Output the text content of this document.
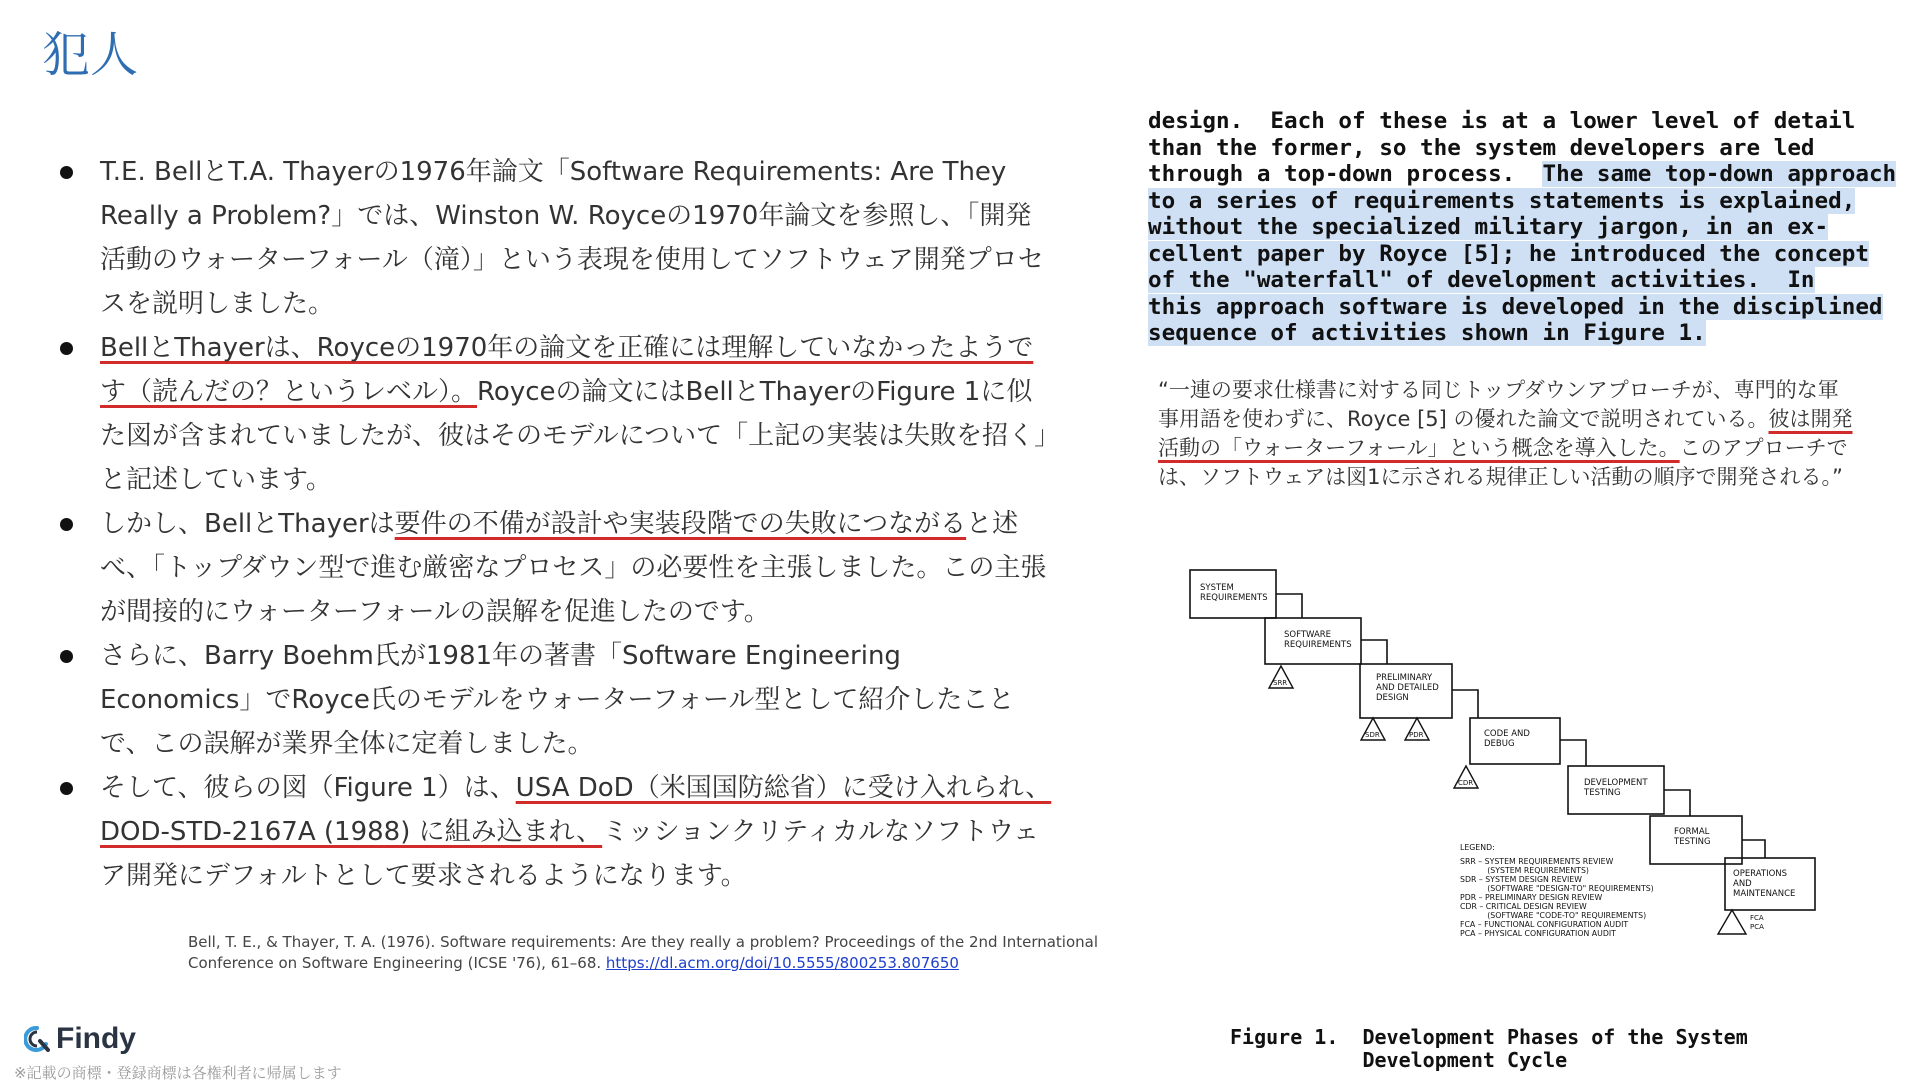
犯人
T.E. BellとT.A. Thayerの1976年論文「Software Requirements: Are They Really a Problem?」では、Winston W. Royceの1970年論文を参照し、「開発活動のウォーターフォール（滝）」という表現を使用してソフトウェア開発プロセスを説明しました。
BellとThayerは、Royceの1970年の論文を正確には理解していなかったようです（読んだの？というレベル）。Royceの論文にはBellとThayerのFigure 1に似た図が含まれていましたが、彼はそのモデルについて「上記の実装は失敗を招く」と記述しています。
しかし、BellとThayerは要件の不備が設計や実装段階での失敗につながると述べ、「トップダウン型で進む厳密なプロセス」の必要性を主張しました。この主張が間接的にウォーターフォールの誤解を促進したのです。
さらに、Barry Boehm氏が1981年の著書「Software Engineering Economics」でRoyce氏のモデルをウォーターフォール型として紹介したことで、この誤解が業界全体に定着しました。
そして、彼らの図（Figure 1）は、USA DoD（米国国防総省）に受け入れられ、DOD-STD-2167A (1988) に組み込まれ、ミッションクリティカルなソフトウェア開発にデフォルトとして要求されるようになります。
Bell, T. E., & Thayer, T. A. (1976). Software requirements: Are they really a problem? Proceedings of the 2nd International Conference on Software Engineering (ICSE '76), 61–68. https://dl.acm.org/doi/10.5555/800253.807650
Findy
※記載の商標・登録商標は各権利者に帰属します
design.  Each of these is at a lower level of detail
than the former, so the system developers are led
through a top-down process.  The same top-down approach
to a series of requirements statements is explained,
without the specialized military jargon, in an ex-
cellent paper by Royce [5]; he introduced the concept
of the "waterfall" of development activities.  In
this approach software is developed in the disciplined
sequence of activities shown in Figure 1.
“一連の要求仕様書に対する同じトップダウンアプローチが、専門的な軍事用語を使わずに、Royce [5] の優れた論文で説明されている。彼は開発活動の「ウォーターフォール」という概念を導入した。このアプローチでは、ソフトウェアは図1に示される規律正しい活動の順序で開発される。”
SYSTEM
REQUIREMENTS
SOFTWARE
REQUIREMENTS
PRELIMINARY
AND DETAILED
DESIGN
CODE AND
DEBUG
DEVELOPMENT
TESTING
FORMAL
TESTING
OPERATIONS
AND
MAINTENANCE
SRR
SDR	PDR
CDR
FCA
PCA
LEGEND:
SRR – SYSTEM REQUIREMENTS REVIEW
(SYSTEM REQUIREMENTS)
SDR – SYSTEM DESIGN REVIEW
(SOFTWARE "DESIGN-TO" REQUIREMENTS)
PDR – PRELIMINARY DESIGN REVIEW
CDR – CRITICAL DESIGN REVIEW
(SOFTWARE "CODE-TO" REQUIREMENTS)
FCA – FUNCTIONAL CONFIGURATION AUDIT
PCA – PHYSICAL CONFIGURATION AUDIT
Figure 1.  Development Phases of the System
Development Cycle
